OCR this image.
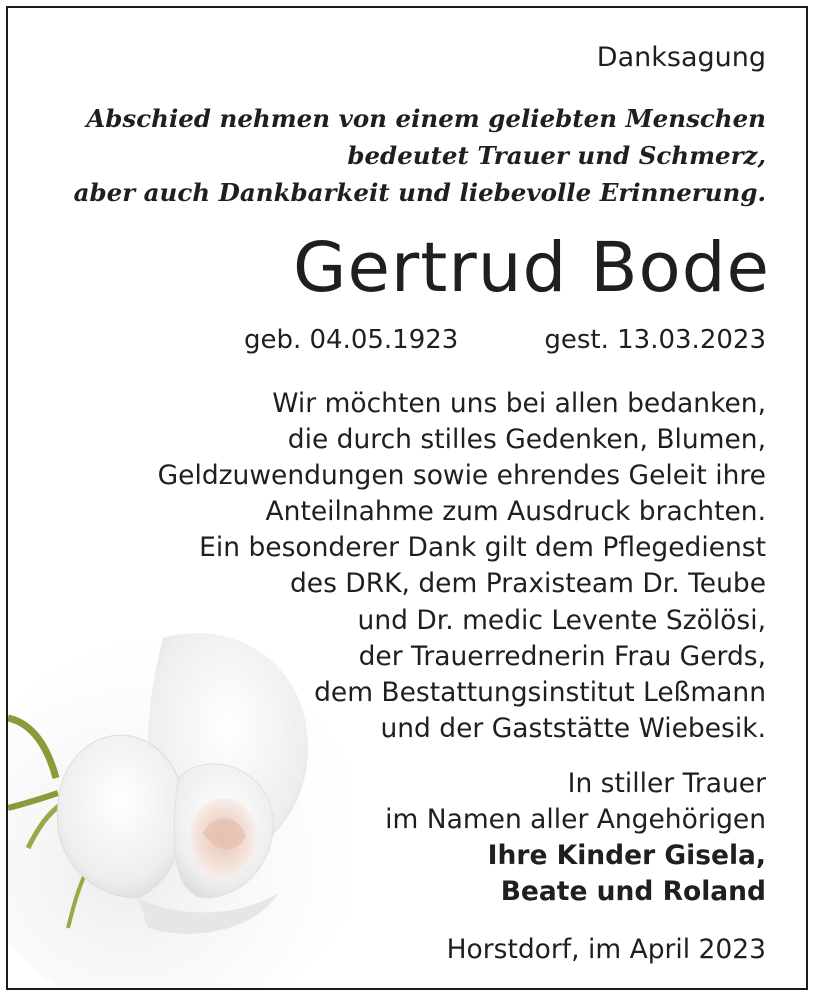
Danksagung
Abschied nehmen von einem geliebten Menschen
bedeutet Trauer und Schmerz,
aber auch Dankbarkeit und liebevolle Erinnerung.
Gertrud Bode
geb. 04.05.1923	gest. 13.03.2023
Wir möchten uns bei allen bedanken,
die durch stilles Gedenken, Blumen,
Geldzuwendungen sowie ehrendes Geleit ihre
Anteilnahme zum Ausdruck brachten.
Ein besonderer Dank gilt dem Pflegedienst
des DRK, dem Praxisteam Dr. Teube
und Dr. medic Levente Szölösi,
der Trauerrednerin Frau Gerds,
dem Bestattungsinstitut Leßmann
und der Gaststätte Wiebesik.
In stiller Trauer
im Namen aller Angehörigen
Ihre Kinder Gisela,
Beate und Roland
Horstdorf, im April 2023
